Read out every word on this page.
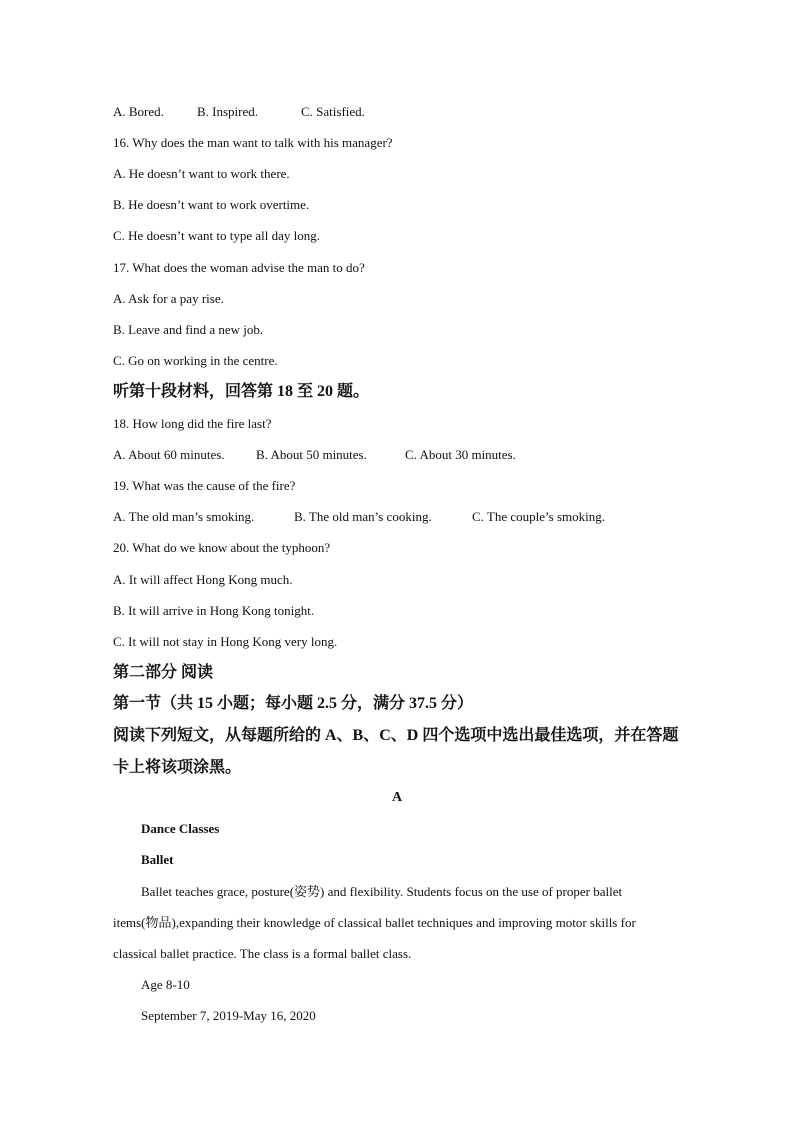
A. Bored.	B. Inspired.	C. Satisfied.
16. Why does the man want to talk with his manager?
A. He doesn’t want to work there.
B. He doesn’t want to work overtime.
C. He doesn’t want to type all day long.
17. What does the woman advise the man to do?
A. Ask for a pay rise.
B. Leave and find a new job.
C. Go on working in the centre.
听第十段材料，回答第 18 至 20 题。
18. How long did the fire last?
A. About 60 minutes. B. About 50 minutes.	C. About 30 minutes.
19. What was the cause of the fire?
A. The old man’s smoking.	B. The old man’s cooking.	C. The couple’s smoking.
20. What do we know about the typhoon?
A. It will affect Hong Kong much.
B. It will arrive in Hong Kong tonight.
C. It will not stay in Hong Kong very long.
第二部分 阅读
第一节（共 15 小题；每小题 2.5 分，满分 37.5 分）
阅读下列短文，从每题所给的 A、B、C、D 四个选项中选出最佳选项，并在答题
卡上将该项涂黑。
A
Dance Classes
Ballet
Ballet teaches grace, posture(姿势) and flexibility. Students focus on the use of proper ballet
items(物品),expanding their knowledge of classical ballet techniques and improving motor skills for
classical ballet practice. The class is a formal ballet class.
Age 8-10
September 7, 2019-May 16, 2020
